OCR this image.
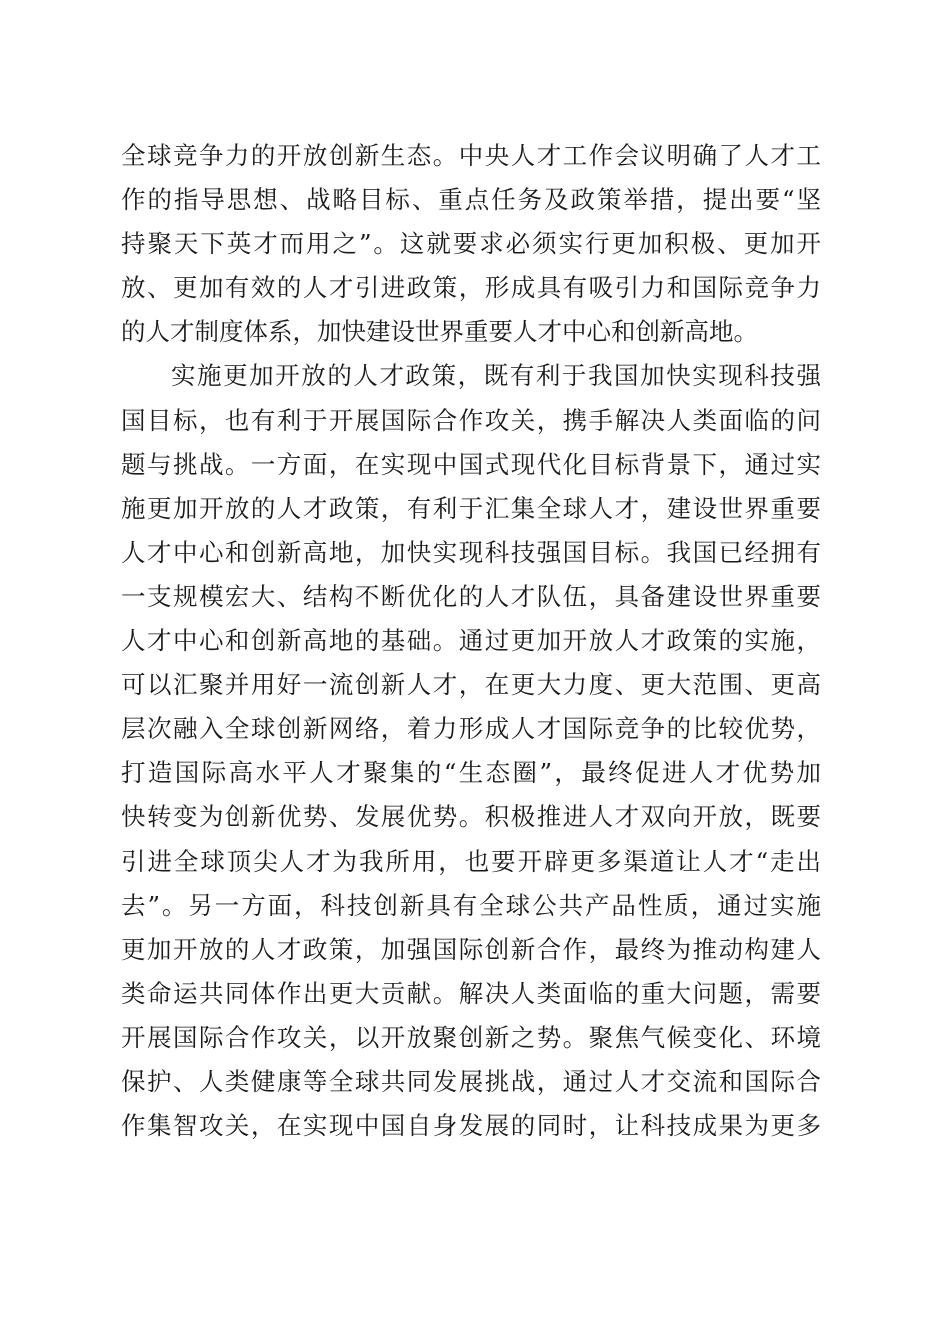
全球竞争力的开放创新生态。中央人才工作会议明确了人才工
作的指导思想、战略目标、重点任务及政策举措，提出要“坚
持聚天下英才而用之”。这就要求必须实行更加积极、更加开
放、更加有效的人才引进政策，形成具有吸引力和国际竞争力
的人才制度体系，加快建设世界重要人才中心和创新高地。
实施更加开放的人才政策，既有利于我国加快实现科技强
国目标，也有利于开展国际合作攻关，携手解决人类面临的问
题与挑战。一方面，在实现中国式现代化目标背景下，通过实
施更加开放的人才政策，有利于汇集全球人才，建设世界重要
人才中心和创新高地，加快实现科技强国目标。我国已经拥有
一支规模宏大、结构不断优化的人才队伍，具备建设世界重要
人才中心和创新高地的基础。通过更加开放人才政策的实施，
可以汇聚并用好一流创新人才，在更大力度、更大范围、更高
层次融入全球创新网络，着力形成人才国际竞争的比较优势，
打造国际高水平人才聚集的“生态圈”，最终促进人才优势加
快转变为创新优势、发展优势。积极推进人才双向开放，既要
引进全球顶尖人才为我所用，也要开辟更多渠道让人才“走出
去”。另一方面，科技创新具有全球公共产品性质，通过实施
更加开放的人才政策，加强国际创新合作，最终为推动构建人
类命运共同体作出更大贡献。解决人类面临的重大问题，需要
开展国际合作攻关，以开放聚创新之势。聚焦气候变化、环境
保护、人类健康等全球共同发展挑战，通过人才交流和国际合
作集智攻关，在实现中国自身发展的同时，让科技成果为更多
